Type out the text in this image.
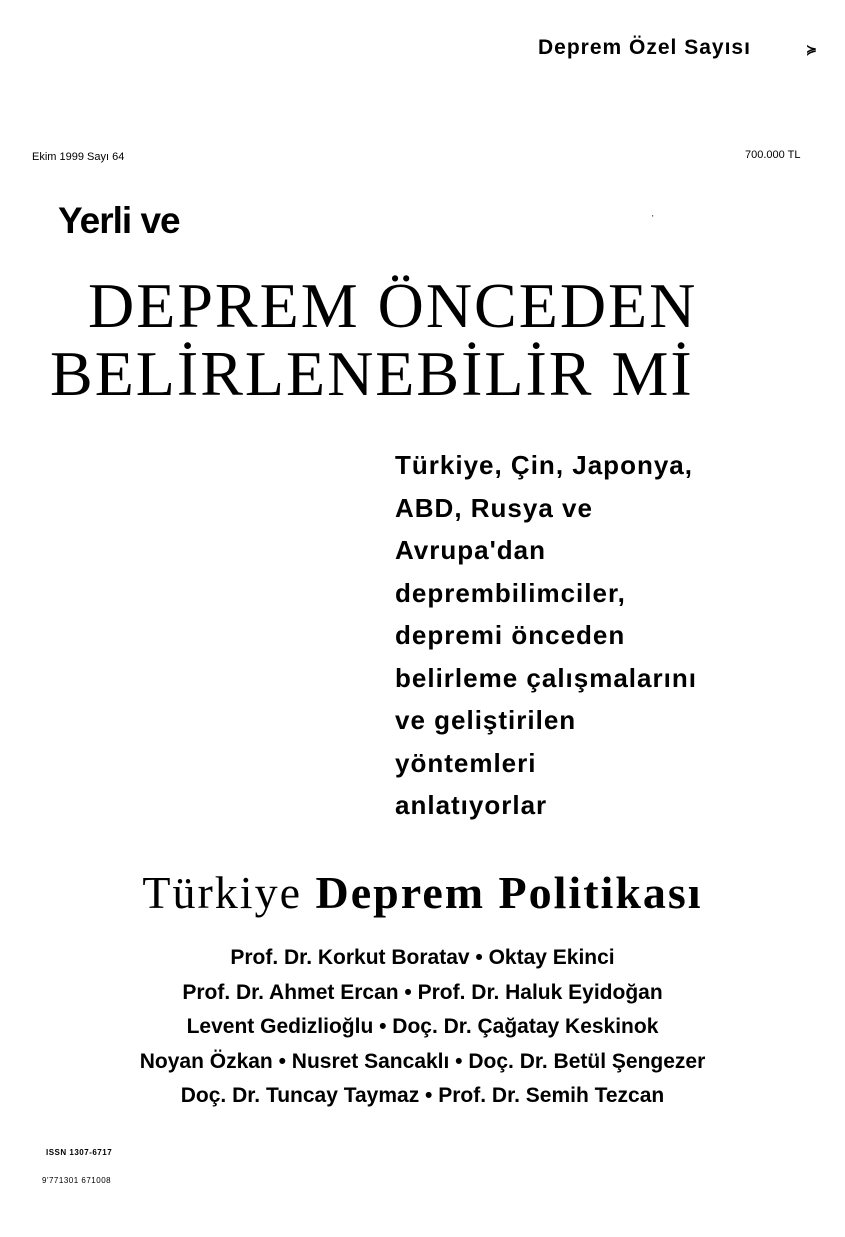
Deprem Özel Sayısı	≽

Ekim 1999 Sayı 64	700.000 TL

Yerli ve	'

DEPREM ÖNCEDEN
BELİRLENEBİLİR Mİ
Türkiye, Çin, Japonya,
ABD, Rusya ve
Avrupa'dan
deprembilimciler,
depremi önceden
belirleme çalışmalarını
ve geliştirilen
yöntemleri
anlatıyorlar
Türkiye Deprem Politikası
Prof. Dr. Korkut Boratav • Oktay Ekinci
Prof. Dr. Ahmet Ercan • Prof. Dr. Haluk Eyidoğan
Levent Gedizlioğlu • Doç. Dr. Çağatay Keskinok
Noyan Özkan • Nusret Sancaklı • Doç. Dr. Betül Şengezer
Doç. Dr. Tuncay Taymaz • Prof. Dr. Semih Tezcan

ISSN 1307-6717

9'771301 671008
